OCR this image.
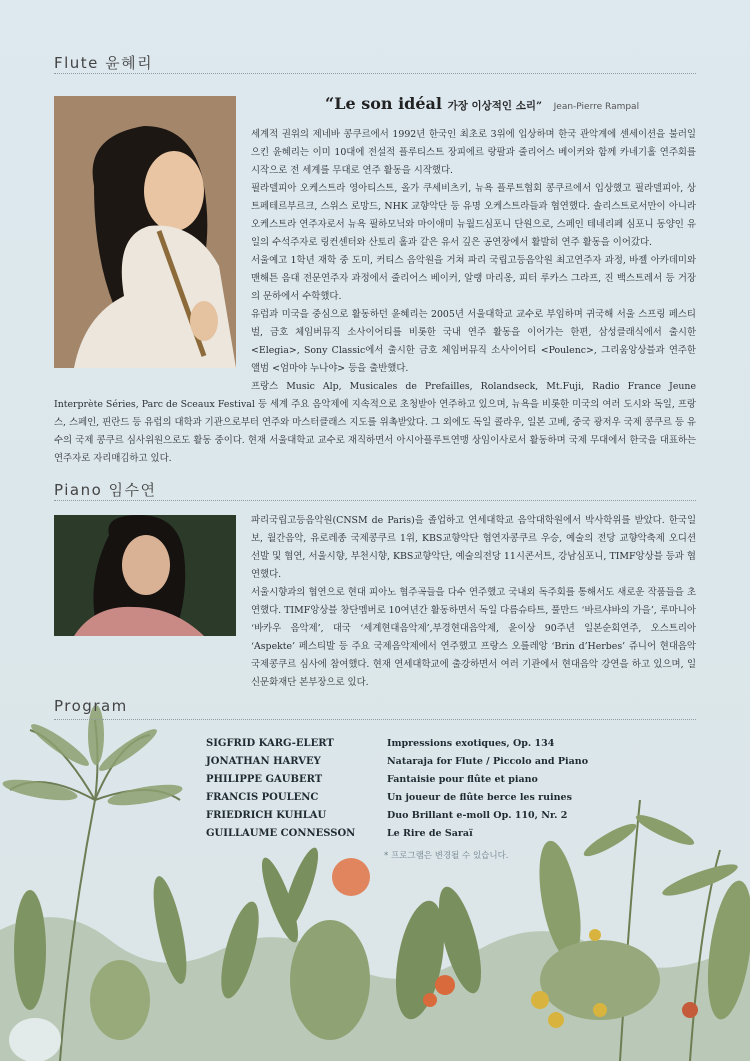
Flute 윤혜리
“Le son idéal 가장 이상적인 소리” Jean-Pierre Rampal

세계적 권위의 제네바 콩쿠르에서 1992년 한국인 최초로 3위에 입상하며 한국 관악계에 센세이션을 불러일으킨 윤혜리는 이미 10대에 전설적 플루티스트 장피에르 랑팔과 줄리어스 베이커와 함께 카네기홀 연주회를 시작으로 전 세계를 무대로 연주 활동을 시작했다.

필라델피아 오케스트라 영아티스트, 올가 쿠세비츠키, 뉴욕 플루트협회 콩쿠르에서 입상했고 필라델피아, 상트페테르부르크, 스위스 로망드, NHK 교향악단 등 유명 오케스트라들과 협연했다. 솔리스트로서만이 아니라 오케스트라 연주자로서 뉴욕 필하모닉와 마이애미 뉴월드심포니 단원으로, 스페인 테네리페 심포니 동양인 유일의 수석주자로 링컨센터와 산토리 홀과 같은 유서 깊은 공연장에서 활발히 연주 활동을 이어갔다.

서울예고 1학년 재학 중 도미, 커티스 음악원을 거쳐 파리 국립고등음악원 최고연주자 과정, 바젤 아카데미와 맨해튼 음대 전문연주자 과정에서 줄리어스 베이커, 알랭 마리옹, 피터 루카스 그라프, 진 백스트레서 등 거장의 문하에서 수학했다.

유럽과 미국을 중심으로 활동하던 윤혜리는 2005년 서울대학교 교수로 부임하며 귀국해 서울 스프링 페스티벌, 금호 체임버뮤직 소사이어티를 비롯한 국내 연주 활동을 이어가는 한편, 삼성클래식에서 출시한 <Elegia>, Sony Classic에서 출시한 금호 체임버뮤직 소사이어티 <Poulenc>, 그리움앙상블과 연주한 앨범 <엄마야 누나야> 등을 출반했다.

프랑스 Music Alp, Musicales de Prefailles, Rolandseck, Mt.Fuji, Radio France Jeune Interprète Séries, Parc de Sceaux Festival 등 세계 주요 음악제에 지속적으로 초청받아 연주하고 있으며, 뉴욕을 비롯한 미국의 여러 도시와 독일, 프랑스, 스페인, 핀란드 등 유럽의 대학과 기관으로부터 연주와 마스터클래스 지도를 위촉받았다. 그 외에도 독일 콜라우, 일본 고베, 중국 광저우 국제 콩쿠르 등 유수의 국제 콩쿠르 심사위원으로도 활동 중이다. 현재 서울대학교 교수로 재직하면서 아시아플루트연맹 상임이사로서 활동하며 국제 무대에서 한국을 대표하는 연주자로 자리매김하고 있다.
Piano 임수연

파리국립고등음악원(CNSM de Paris)을 졸업하고 연세대학교 음악대학원에서 박사학위를 받았다. 한국일보, 월간음악, 유로레종 국제콩쿠르 1위, KBS교향악단 협연자콩쿠르 우승, 예술의 전당 교향악축제 오디션 선발 및 협연, 서울시향, 부천시향, KBS교향악단, 예술의전당 11시콘서트, 강남심포니, TIMF앙상블 등과 협연했다.

서울시향과의 협연으로 현대 피아노 협주곡들을 다수 연주했고 국내외 독주회를 통해서도 새로운 작품들을 초연했다. TIMF앙상블 창단멤버로 10여년간 활동하면서 독일 다름슈타트, 풀만드 ‘바르샤바의 가을’, 루마니아 ‘바카우 음악제’, 대국 ‘세계현대음악제’,부경현대음악제, 윤이상 90주년 일본순회연주, 오스트리아 ‘Aspekte’ 페스티발 등 주요 국제음악제에서 연주했고 프랑스 오를레앙 ‘Brin d’Herbes’ 쥬니어 현대음악 국제콩쿠르 심사에 참여했다. 현재 연세대학교에 출강하면서 여러 기관에서 현대음악 강연을 하고 있으며, 일신문화재단 본부장으로 있다.

Program
SIGFRID KARG-ELERT
JONATHAN HARVEY
PHILIPPE GAUBERT
FRANCIS POULENC
FRIEDRICH KUHLAU
GUILLAUME CONNESSON
Impressions exotiques, Op. 134
Nataraja for Flute / Piccolo and Piano
Fantaisie pour flûte et piano
Un joueur de flûte berce les ruines
Duo Brillant e-moll Op. 110, Nr. 2
Le Rire de Saraï
* 프로그램은 변경될 수 있습니다.
